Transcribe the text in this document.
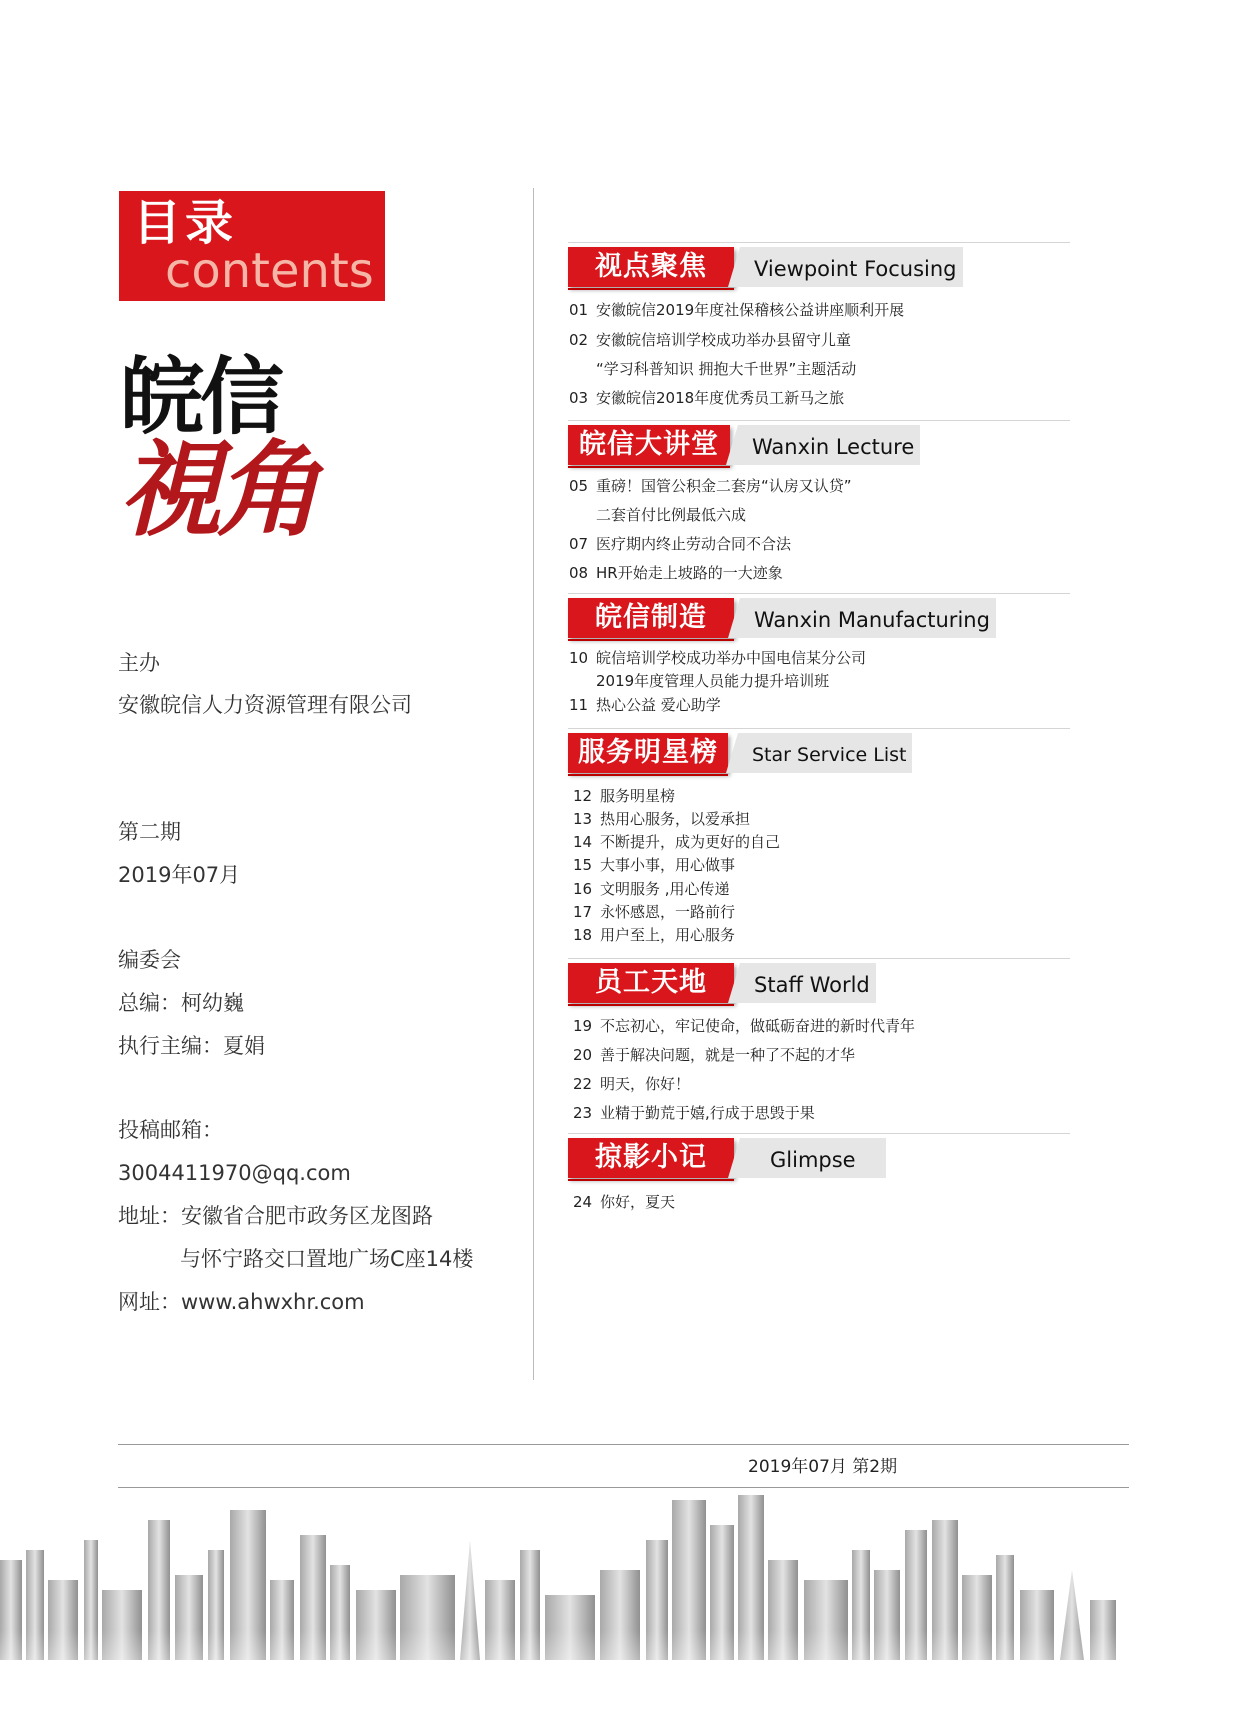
目录
contents
皖信
視角
主办
安徽皖信人力资源管理有限公司
第二期
2019年07月
编委会
总编：柯幼巍
执行主编：夏娟
投稿邮箱：
3004411970@qq.com
地址：安徽省合肥市政务区龙图路
与怀宁路交口置地广场C座14楼
网址：www.ahwxhr.com
视点聚焦	Viewpoint Focusing
01 安徽皖信2019年度社保稽核公益讲座顺利开展
02 安徽皖信培训学校成功举办县留守儿童
“学习科普知识 拥抱大千世界”主题活动
03 安徽皖信2018年度优秀员工新马之旅
皖信大讲堂	Wanxin Lecture
05 重磅！国管公积金二套房“认房又认贷”
二套首付比例最低六成
07 医疗期内终止劳动合同不合法
08 HR开始走上坡路的一大迹象
皖信制造	Wanxin Manufacturing
10 皖信培训学校成功举办中国电信某分公司
2019年度管理人员能力提升培训班
11 热心公益 爱心助学
服务明星榜	Star Service List
12 服务明星榜
13 热用心服务，以爱承担
14 不断提升，成为更好的自己
15 大事小事，用心做事
16 文明服务 ,用心传递
17 永怀感恩，一路前行
18 用户至上，用心服务
员工天地	Staff World
19 不忘初心，牢记使命，做砥砺奋进的新时代青年
20 善于解决问题，就是一种了不起的才华
22 明天，你好！
23 业精于勤荒于嬉,行成于思毁于果
掠影小记	Glimpse
24 你好，夏天
2019年07月 第2期
